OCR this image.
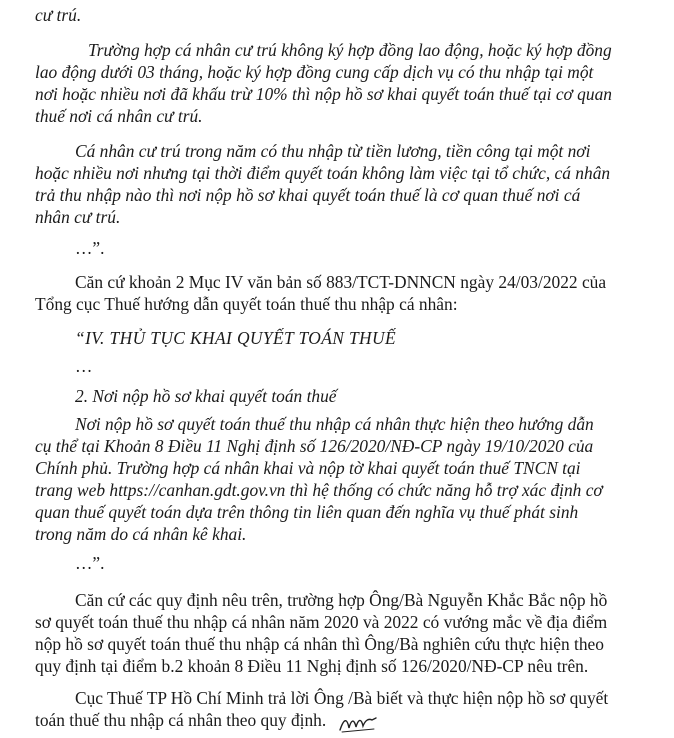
cư trú.

Trường hợp cá nhân cư trú không ký hợp đồng lao động, hoặc ký hợp đồng

lao động dưới 03 tháng, hoặc ký hợp đồng cung cấp dịch vụ có thu nhập tại một

nơi hoặc nhiều nơi đã khấu trừ 10% thì nộp hồ sơ khai quyết toán thuế tại cơ quan

thuế nơi cá nhân cư trú.

Cá nhân cư trú trong năm có thu nhập từ tiền lương, tiền công tại một nơi

hoặc nhiều nơi nhưng tại thời điểm quyết toán không làm việc tại tổ chức, cá nhân

trả thu nhập nào thì nơi nộp hồ sơ khai quyết toán thuế là cơ quan thuế nơi cá

nhân cư trú.

…”.

Căn cứ khoản 2 Mục IV văn bản số 883/TCT-DNNCN ngày 24/03/2022 của

Tổng cục Thuế hướng dẫn quyết toán thuế thu nhập cá nhân:

“IV. THỦ TỤC KHAI QUYẾT TOÁN THUẾ

…

2. Nơi nộp hồ sơ khai quyết toán thuế

Nơi nộp hồ sơ quyết toán thuế thu nhập cá nhân thực hiện theo hướng dẫn

cụ thể tại Khoản 8 Điều 11 Nghị định số 126/2020/NĐ-CP ngày 19/10/2020 của

Chính phủ. Trường hợp cá nhân khai và nộp tờ khai quyết toán thuế TNCN tại

trang web https://canhan.gdt.gov.vn thì hệ thống có chức năng hỗ trợ xác định cơ

quan thuế quyết toán dựa trên thông tin liên quan đến nghĩa vụ thuế phát sinh

trong năm do cá nhân kê khai.

…”.

Căn cứ các quy định nêu trên, trường hợp Ông/Bà Nguyễn Khắc Bắc nộp hồ

sơ quyết toán thuế thu nhập cá nhân năm 2020 và 2022 có vướng mắc về địa điểm

nộp hồ sơ quyết toán thuế thu nhập cá nhân thì Ông/Bà nghiên cứu thực hiện theo

quy định tại điểm b.2 khoản 8 Điều 11 Nghị định số 126/2020/NĐ-CP nêu trên.

Cục Thuế TP Hồ Chí Minh trả lời Ông /Bà biết và thực hiện nộp hồ sơ quyết

toán thuế thu nhập cá nhân theo quy định.
